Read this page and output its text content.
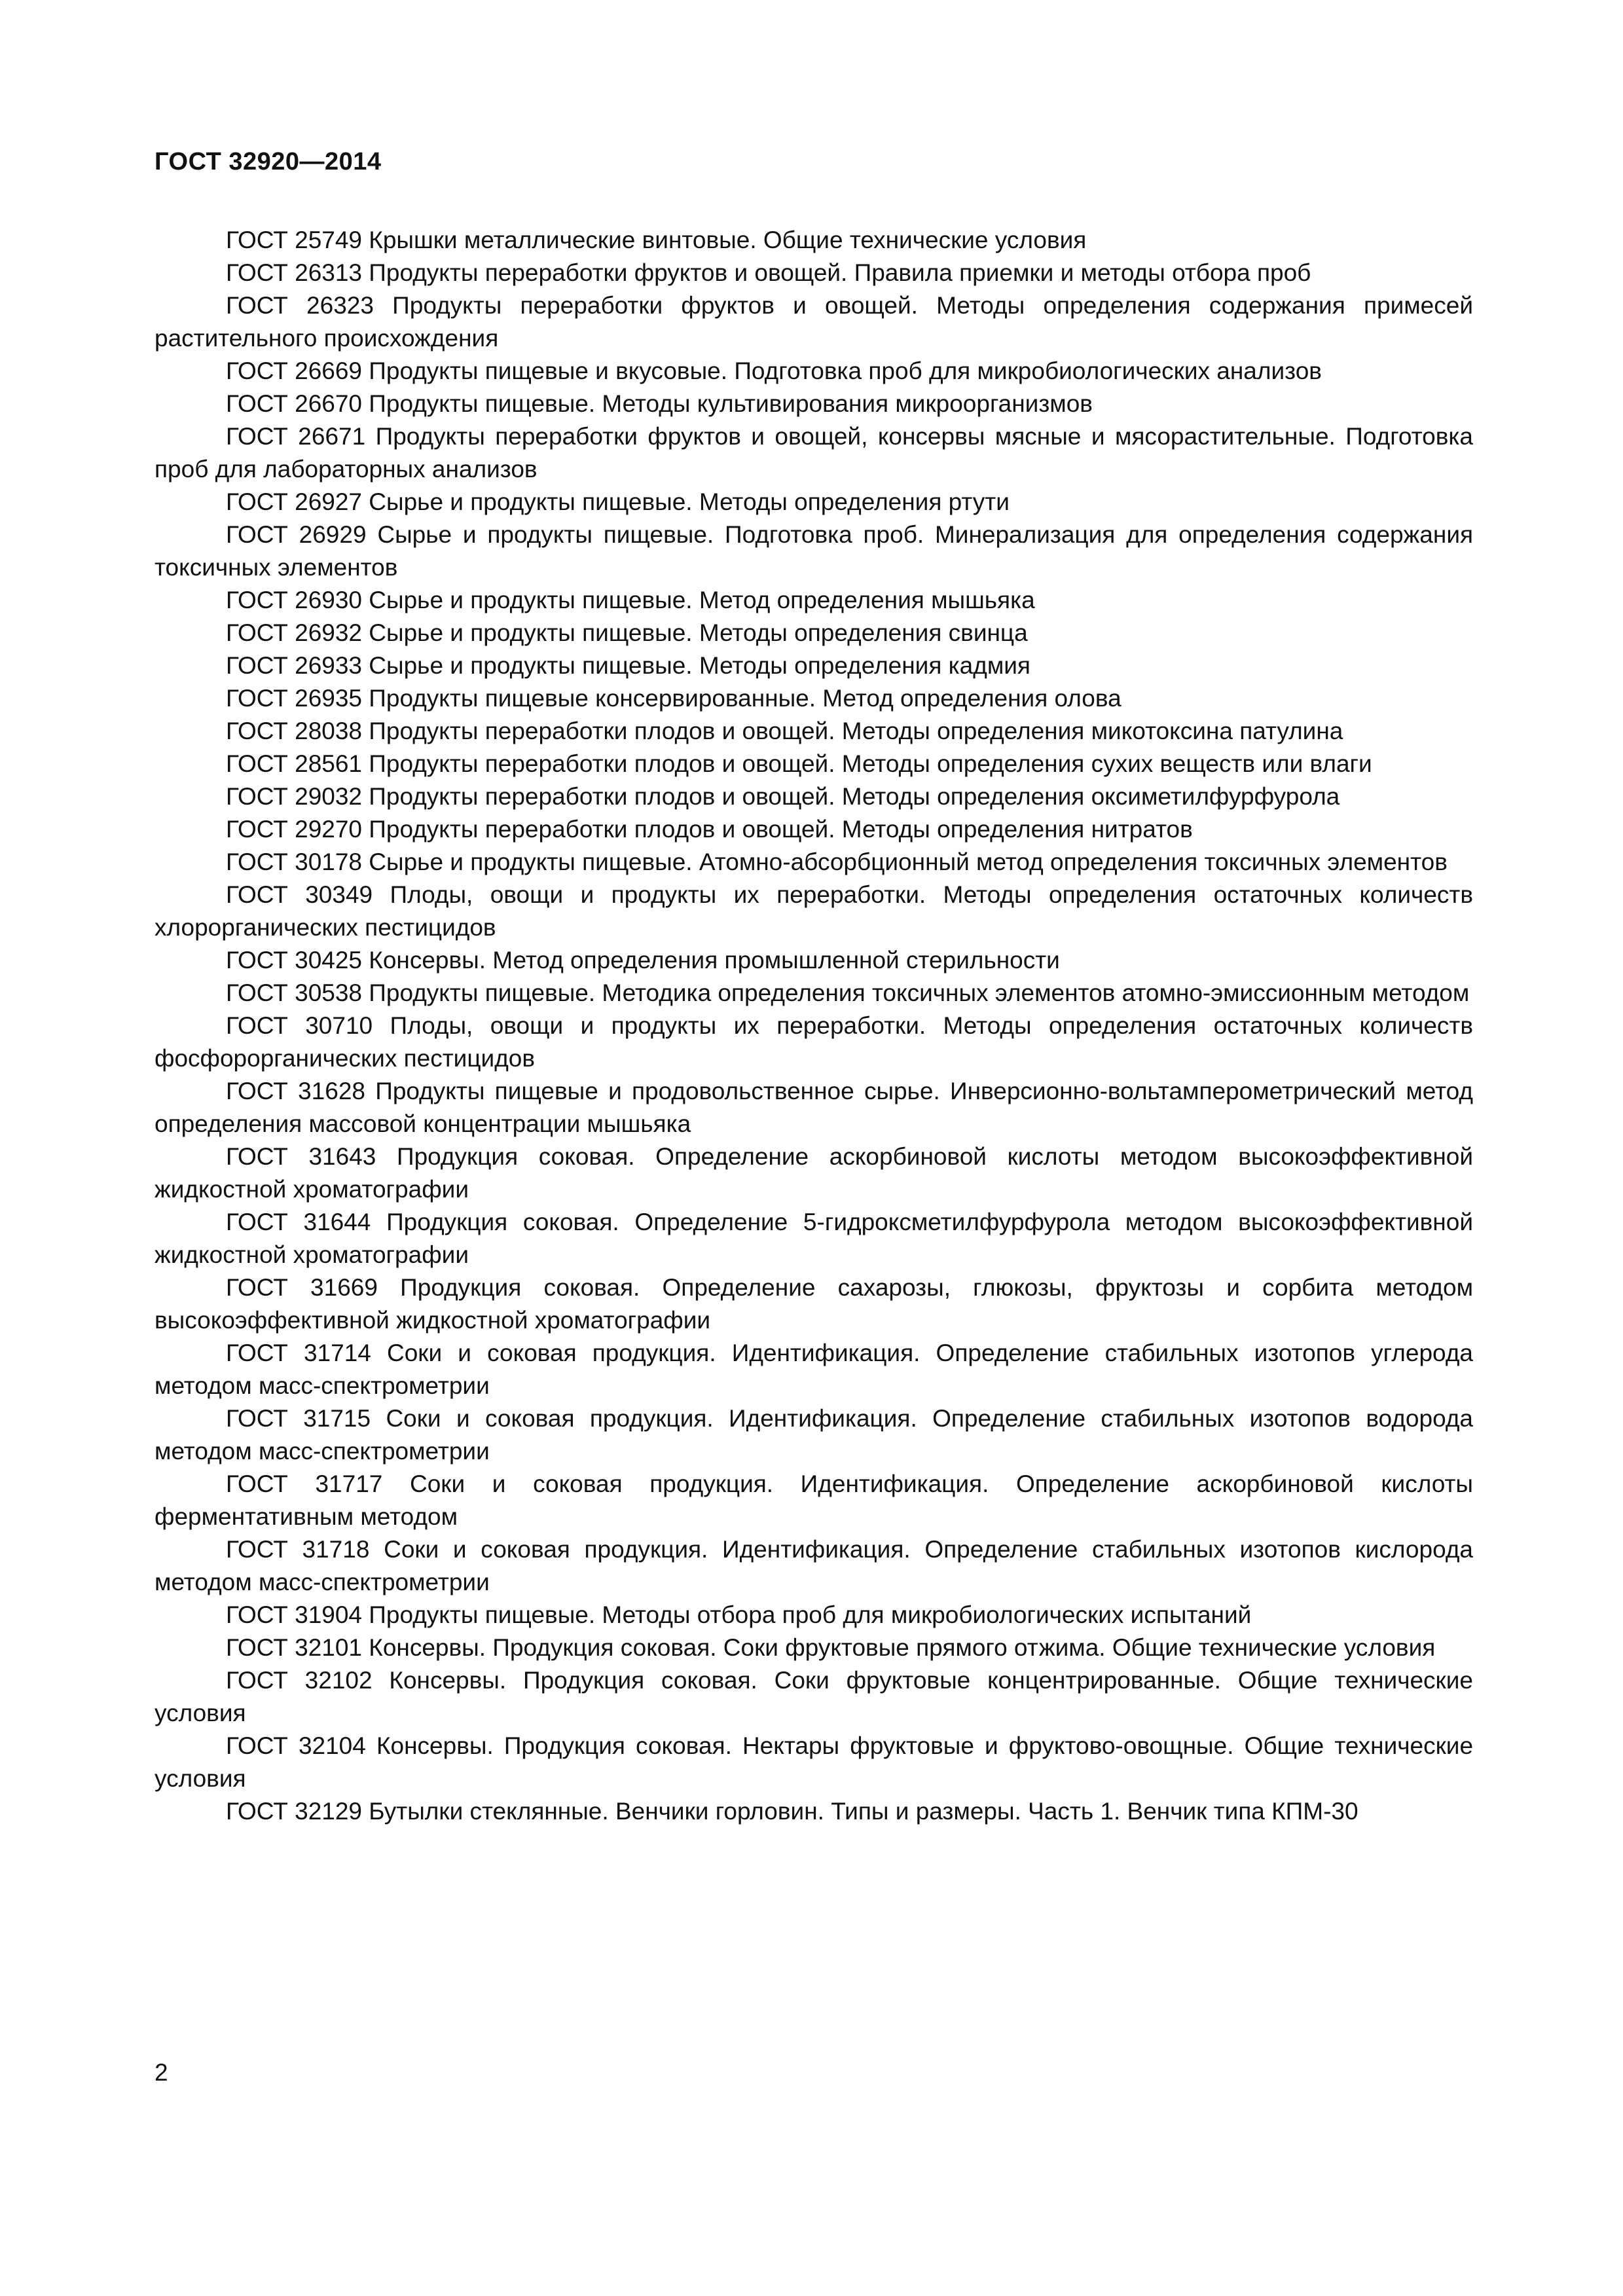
ГОСТ 32920—2014

ГОСТ 25749 Крышки металлические винтовые. Общие технические условия

ГОСТ 26313 Продукты переработки фруктов и овощей. Правила приемки и методы отбора проб

ГОСТ 26323 Продукты переработки фруктов и овощей. Методы определения содержания примесей растительного происхождения

ГОСТ 26669 Продукты пищевые и вкусовые. Подготовка проб для микробиологических анализов

ГОСТ 26670 Продукты пищевые. Методы культивирования микроорганизмов

ГОСТ 26671 Продукты переработки фруктов и овощей, консервы мясные и мясорастительные. Подготовка проб для лабораторных анализов

ГОСТ 26927 Сырье и продукты пищевые. Методы определения ртути

ГОСТ 26929 Сырье и продукты пищевые. Подготовка проб. Минерализация для определения содержания токсичных элементов

ГОСТ 26930 Сырье и продукты пищевые. Метод определения мышьяка

ГОСТ 26932 Сырье и продукты пищевые. Методы определения свинца

ГОСТ 26933 Сырье и продукты пищевые. Методы определения кадмия

ГОСТ 26935 Продукты пищевые консервированные. Метод определения олова

ГОСТ 28038 Продукты переработки плодов и овощей. Методы определения микотоксина патулина

ГОСТ 28561 Продукты переработки плодов и овощей. Методы определения сухих веществ или влаги

ГОСТ 29032 Продукты переработки плодов и овощей. Методы определения оксиметилфурфурола

ГОСТ 29270 Продукты переработки плодов и овощей. Методы определения нитратов

ГОСТ 30178 Сырье и продукты пищевые. Атомно-абсорбционный метод определения токсичных элементов

ГОСТ 30349 Плоды, овощи и продукты их переработки. Методы определения остаточных количеств хлорорганических пестицидов

ГОСТ 30425 Консервы. Метод определения промышленной стерильности

ГОСТ 30538 Продукты пищевые. Методика определения токсичных элементов атомно-эмиссионным методом

ГОСТ 30710 Плоды, овощи и продукты их переработки. Методы определения остаточных количеств фосфорорганических пестицидов

ГОСТ 31628 Продукты пищевые и продовольственное сырье. Инверсионно-вольтамперометрический метод определения массовой концентрации мышьяка

ГОСТ 31643 Продукция соковая. Определение аскорбиновой кислоты методом высокоэффективной жидкостной хроматографии

ГОСТ 31644 Продукция соковая. Определение 5-гидроксметилфурфурола методом высокоэффективной жидкостной хроматографии

ГОСТ 31669 Продукция соковая. Определение сахарозы, глюкозы, фруктозы и сорбита методом высокоэффективной жидкостной хроматографии

ГОСТ 31714 Соки и соковая продукция. Идентификация. Определение стабильных изотопов углерода методом масс-спектрометрии

ГОСТ 31715 Соки и соковая продукция. Идентификация. Определение стабильных изотопов водорода методом масс-спектрометрии

ГОСТ 31717 Соки и соковая продукция. Идентификация. Определение аскорбиновой кислоты ферментативным методом

ГОСТ 31718 Соки и соковая продукция. Идентификация. Определение стабильных изотопов кислорода методом масс-спектрометрии

ГОСТ 31904 Продукты пищевые. Методы отбора проб для микробиологических испытаний

ГОСТ 32101 Консервы. Продукция соковая. Соки фруктовые прямого отжима. Общие технические условия

ГОСТ 32102 Консервы. Продукция соковая. Соки фруктовые концентрированные. Общие технические условия

ГОСТ 32104 Консервы. Продукция соковая. Нектары фруктовые и фруктово-овощные. Общие технические условия

ГОСТ 32129 Бутылки стеклянные. Венчики горловин. Типы и размеры. Часть 1. Венчик типа КПМ-30

2
